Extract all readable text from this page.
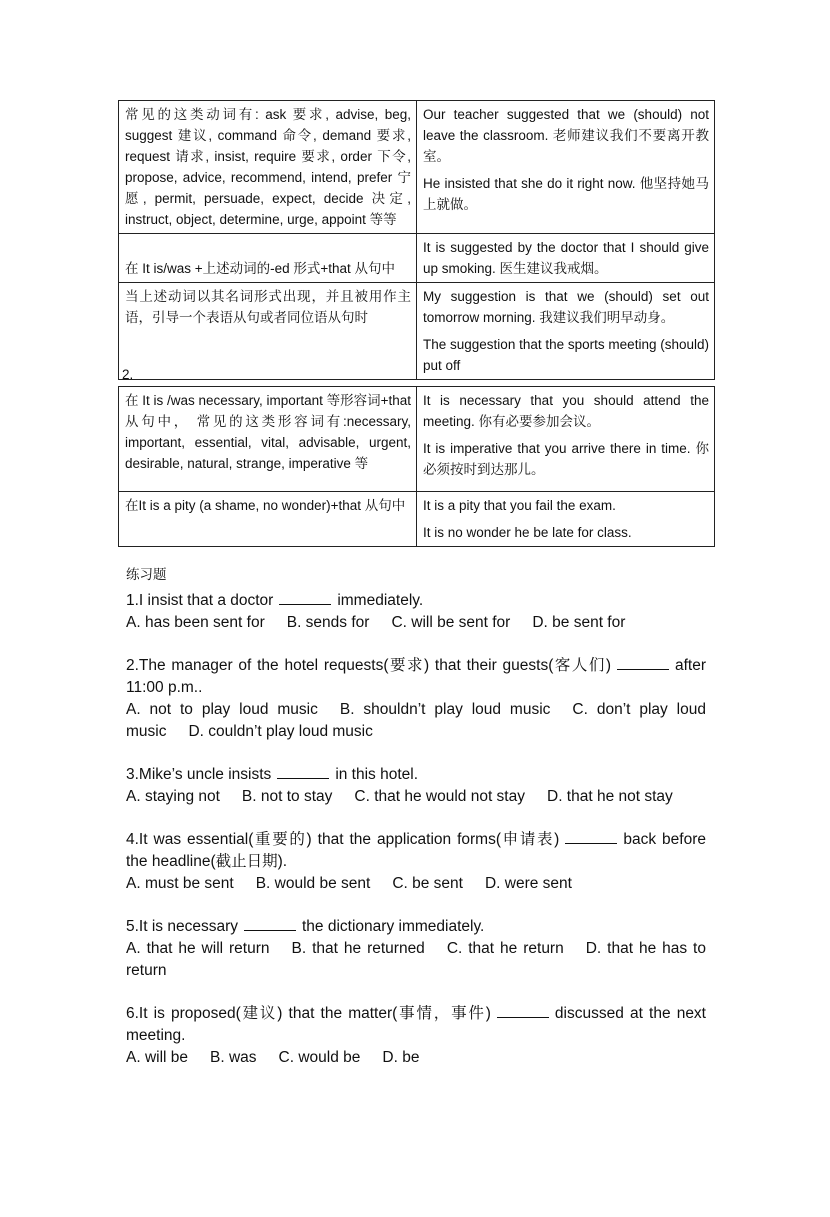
常见的这类动词有: ask 要求, advise, beg, suggest 建议, command 命令, demand 要求, request 请求, insist, require 要求, order 下令, propose, advice, recommend, intend, prefer 宁愿, permit, persuade, expect, decide 决定, instruct, object, determine, urge, appoint 等等	Our teacher suggested that we (should) not leave the classroom. 老师建议我们不要离开教室。
He insisted that she do it right now. 他坚持她马上就做。

在 It is/was +上述动词的-ed 形式+that 从句中	It is suggested by the doctor that I should give up smoking. 医生建议我戒烟。

当上述动词以其名词形式出现，并且被用作主语，引导一个表语从句或者同位语从句时	My suggestion is that we (should) set out tomorrow morning. 我建议我们明早动身。
The suggestion that the sports meeting (should) put off
2.
在 It is /was necessary, important 等形容词+that 从句中， 常见的这类形容词有:necessary, important, essential, vital, advisable, urgent, desirable, natural, strange, imperative 等	It is necessary that you should attend the meeting. 你有必要参加会议。
It is imperative that you arrive there in time. 你必须按时到达那儿。

在It is a pity (a shame, no wonder)+that 从句中	It is a pity that you fail the exam.
It is no wonder he be late for class.
练习题
1.I insist that a doctor	immediately.
A. has been sent for B. sends for C. will be sent for D. be sent for
2.The manager of the hotel requests(要求) that their guests(客人们)	after 11:00 p.m..
A. not to play loud music B. shouldn’t play loud music C. don’t play loud music D. couldn’t play loud music
3.Mike’s uncle insists	in this hotel.
A. staying not B. not to stay C. that he would not stay D. that he not stay
4.It was essential(重要的) that the application forms(申请表)	back before the headline(截止日期).
A. must be sent B. would be sent C. be sent D. were sent
5.It is necessary	the dictionary immediately.
A. that he will return B. that he returned C. that he return D. that he has to return
6.It is proposed(建议) that the matter(事情，事件)	discussed at the next meeting.
A. will be B. was C. would be D. be
